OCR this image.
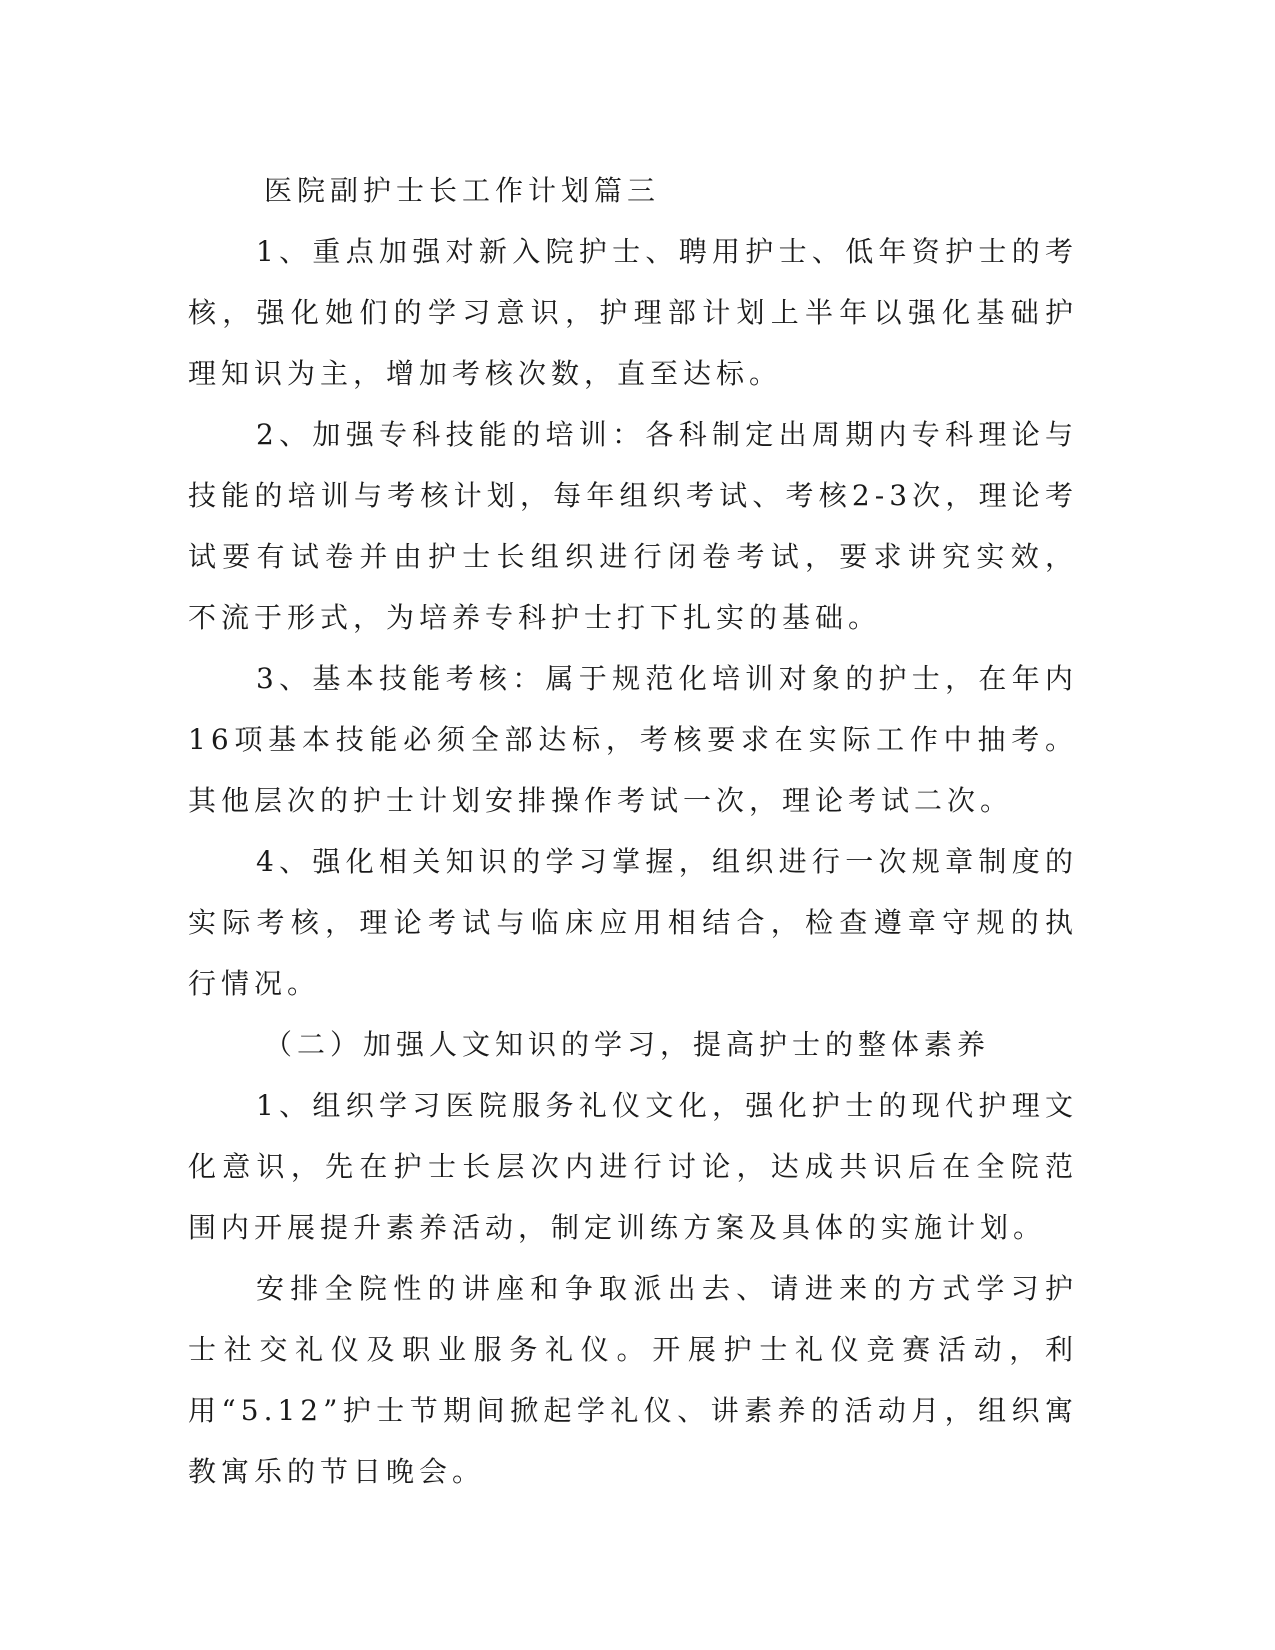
医院副护士长工作计划篇三

1、重点加强对新入院护士、聘用护士、低年资护士的考核，强化她们的学习意识，护理部计划上半年以强化基础护理知识为主，增加考核次数，直至达标。

2、加强专科技能的培训：各科制定出周期内专科理论与技能的培训与考核计划，每年组织考试、考核2-3次，理论考试要有试卷并由护士长组织进行闭卷考试，要求讲究实效，不流于形式，为培养专科护士打下扎实的基础。

3、基本技能考核：属于规范化培训对象的护士，在年内16项基本技能必须全部达标，考核要求在实际工作中抽考。其他层次的护士计划安排操作考试一次，理论考试二次。

4、强化相关知识的学习掌握，组织进行一次规章制度的实际考核，理论考试与临床应用相结合，检查遵章守规的执行情况。

（二）加强人文知识的学习，提高护士的整体素养

1、组织学习医院服务礼仪文化，强化护士的现代护理文化意识，先在护士长层次内进行讨论，达成共识后在全院范围内开展提升素养活动，制定训练方案及具体的实施计划。

安排全院性的讲座和争取派出去、请进来的方式学习护士社交礼仪及职业服务礼仪。开展护士礼仪竞赛活动，利用“5.12”护士节期间掀起学礼仪、讲素养的活动月，组织寓教寓乐的节日晚会。
